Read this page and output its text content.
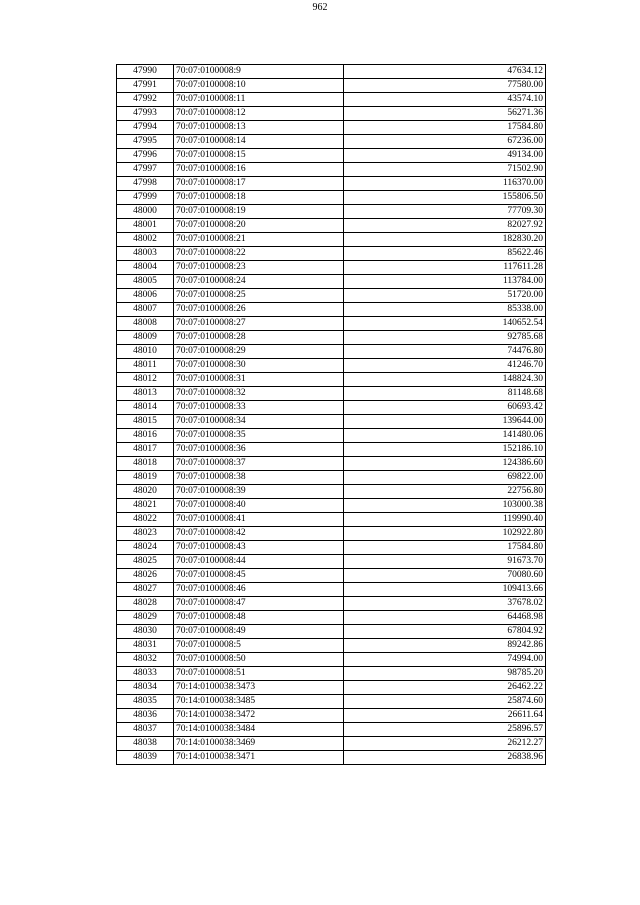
962
47990	70:07:0100008:9	47634.12
47991	70:07:0100008:10	77580.00
47992	70:07:0100008:11	43574.10
47993	70:07:0100008:12	56271.36
47994	70:07:0100008:13	17584.80
47995	70:07:0100008:14	67236.00
47996	70:07:0100008:15	49134.00
47997	70:07:0100008:16	71502.90
47998	70:07:0100008:17	116370.00
47999	70:07:0100008:18	155806.50
48000	70:07:0100008:19	77709.30
48001	70:07:0100008:20	82027.92
48002	70:07:0100008:21	182830.20
48003	70:07:0100008:22	85622.46
48004	70:07:0100008:23	117611.28
48005	70:07:0100008:24	113784.00
48006	70:07:0100008:25	51720.00
48007	70:07:0100008:26	85338.00
48008	70:07:0100008:27	140652.54
48009	70:07:0100008:28	92785.68
48010	70:07:0100008:29	74476.80
48011	70:07:0100008:30	41246.70
48012	70:07:0100008:31	148824.30
48013	70:07:0100008:32	81148.68
48014	70:07:0100008:33	60693.42
48015	70:07:0100008:34	139644.00
48016	70:07:0100008:35	141480.06
48017	70:07:0100008:36	152186.10
48018	70:07:0100008:37	124386.60
48019	70:07:0100008:38	69822.00
48020	70:07:0100008:39	22756.80
48021	70:07:0100008:40	103000.38
48022	70:07:0100008:41	119990.40
48023	70:07:0100008:42	102922.80
48024	70:07:0100008:43	17584.80
48025	70:07:0100008:44	91673.70
48026	70:07:0100008:45	70080.60
48027	70:07:0100008:46	109413.66
48028	70:07:0100008:47	37678.02
48029	70:07:0100008:48	64468.98
48030	70:07:0100008:49	67804.92
48031	70:07:0100008:5	89242.86
48032	70:07:0100008:50	74994.00
48033	70:07:0100008:51	98785.20
48034	70:14:0100038:3473	26462.22
48035	70:14:0100038:3485	25874.60
48036	70:14:0100038:3472	26611.64
48037	70:14:0100038:3484	25896.57
48038	70:14:0100038:3469	26212.27
48039	70:14:0100038:3471	26838.96
